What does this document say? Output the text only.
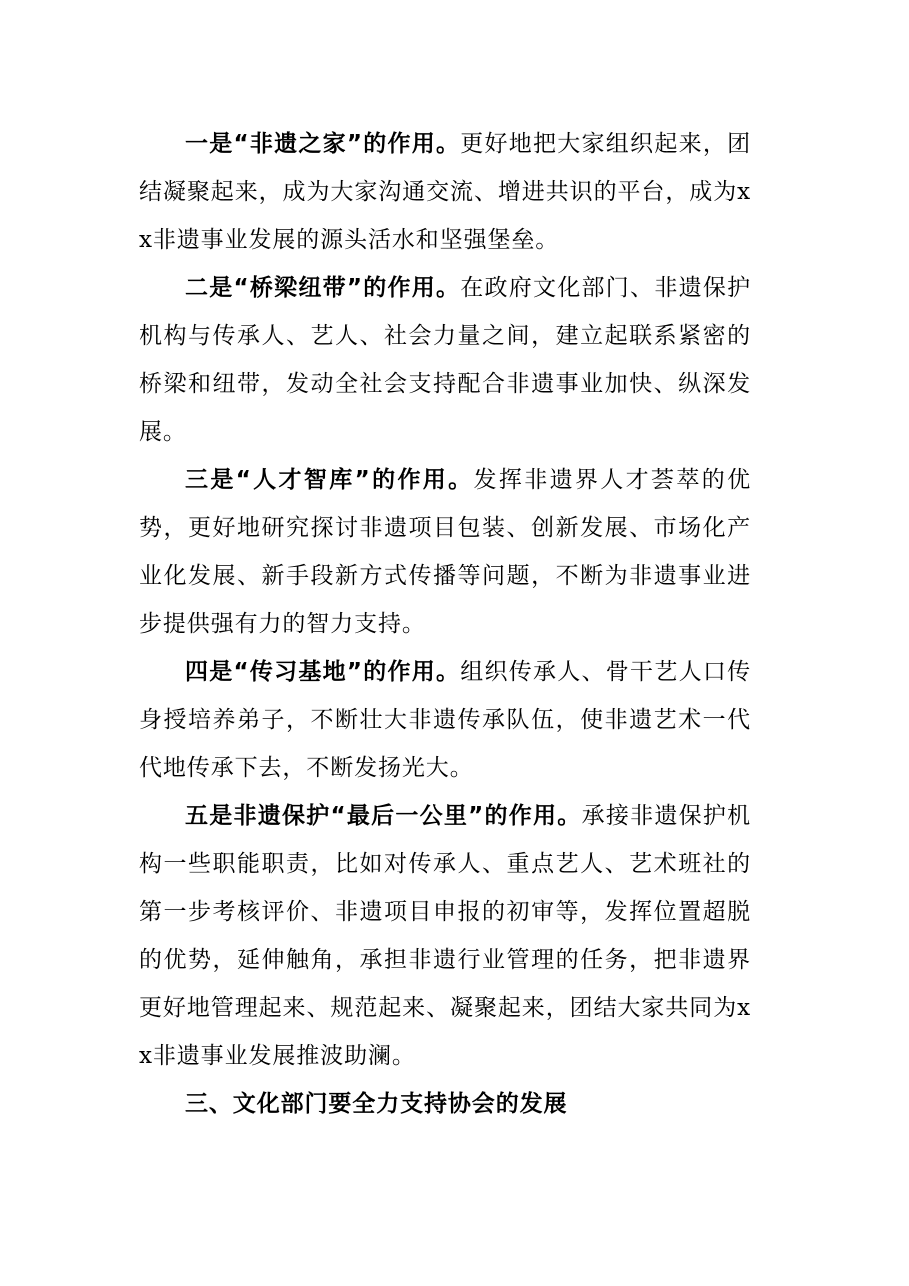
一是“非遗之家”的作用。更好地把大家组织起来，团结凝聚起来，成为大家沟通交流、增进共识的平台，成为xx非遗事业发展的源头活水和坚强堡垒。

二是“桥梁纽带”的作用。在政府文化部门、非遗保护机构与传承人、艺人、社会力量之间，建立起联系紧密的桥梁和纽带，发动全社会支持配合非遗事业加快、纵深发展。

三是“人才智库”的作用。发挥非遗界人才荟萃的优势，更好地研究探讨非遗项目包装、创新发展、市场化产业化发展、新手段新方式传播等问题，不断为非遗事业进步提供强有力的智力支持。

四是“传习基地”的作用。组织传承人、骨干艺人口传身授培养弟子，不断壮大非遗传承队伍，使非遗艺术一代代地传承下去，不断发扬光大。

五是非遗保护“最后一公里”的作用。承接非遗保护机构一些职能职责，比如对传承人、重点艺人、艺术班社的第一步考核评价、非遗项目申报的初审等，发挥位置超脱的优势，延伸触角，承担非遗行业管理的任务，把非遗界更好地管理起来、规范起来、凝聚起来，团结大家共同为xx非遗事业发展推波助澜。

三、文化部门要全力支持协会的发展
